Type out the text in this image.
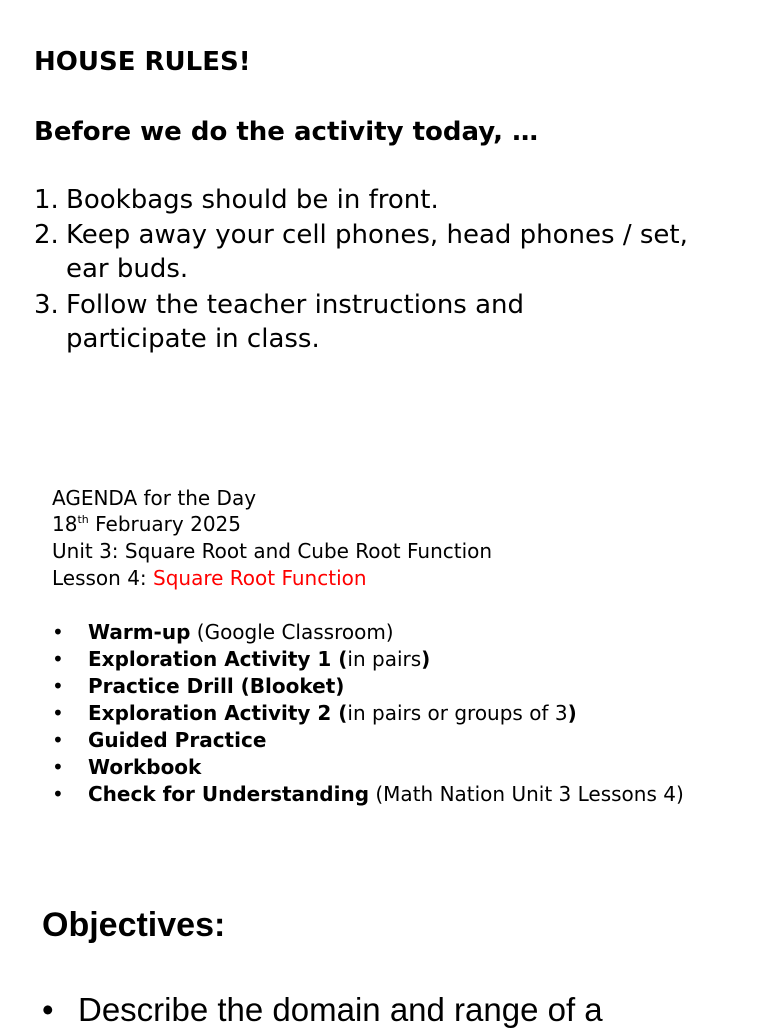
HOUSE RULES!
Before we do the activity today, …
1. Bookbags should be in front.
2. Keep away your cell phones, head phones / set, ear buds.
3. Follow the teacher instructions and participate in class.
AGENDA for the Day
18th February 2025
Unit 3: Square Root and Cube Root Function
Lesson 4: Square Root Function
• Warm-up (Google Classroom)
• Exploration Activity 1 (in pairs)
• Practice Drill (Blooket)
• Exploration Activity 2 (in pairs or groups of 3)
• Guided Practice
• Workbook
• Check for Understanding (Math Nation Unit 3 Lessons 4)
Objectives:
• Describe the domain and range of a
